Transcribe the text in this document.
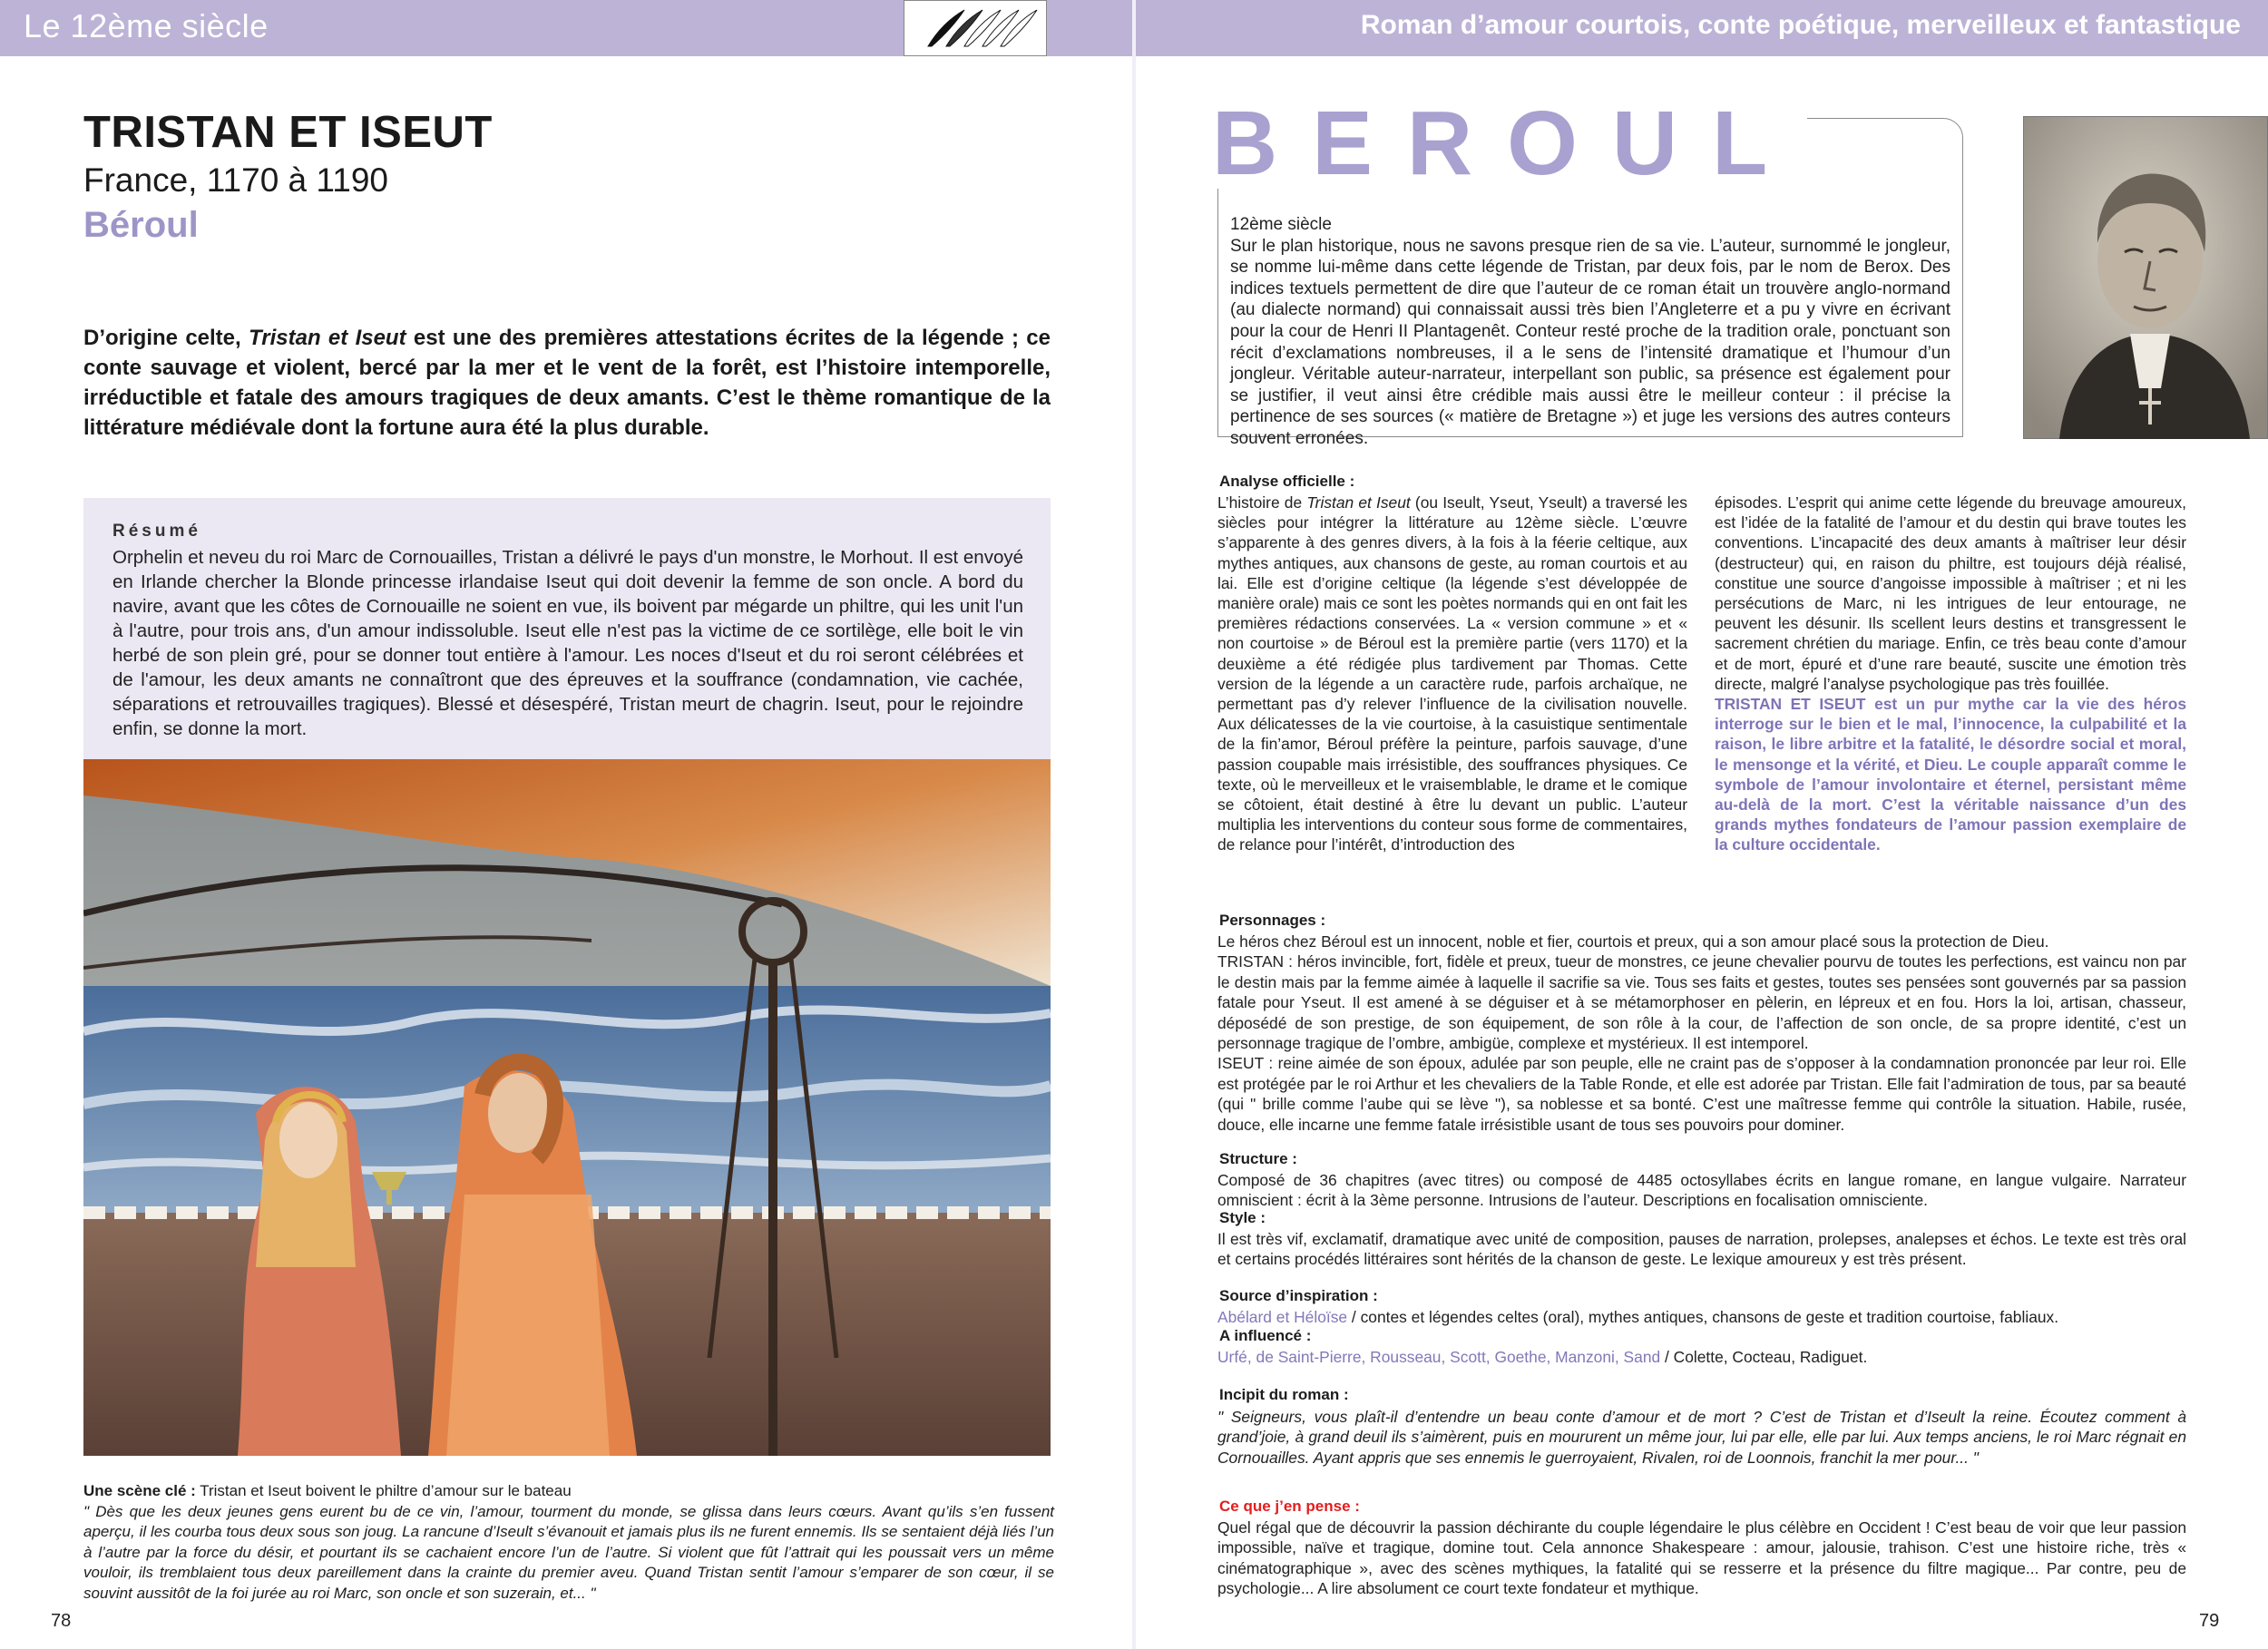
Le 12ème siècle	Roman d’amour courtois, conte poétique, merveilleux et fantastique
TRISTAN ET ISEUT
France, 1170 à 1190
Béroul
D’origine celte, Tristan et Iseut est une des premières attestations écrites de la légende ; ce conte sauvage et violent, bercé par la mer et le vent de la forêt, est l’histoire intemporelle, irréductible et fatale des amours tragiques de deux amants. C’est le thème romantique de la littérature médiévale dont la fortune aura été la plus durable.
Résumé
Orphelin et neveu du roi Marc de Cornouailles, Tristan a délivré le pays d'un monstre, le Morhout. Il est envoyé en Irlande chercher la Blonde princesse irlandaise Iseut qui doit devenir la femme de son oncle. A bord du navire, avant que les côtes de Cornouaille ne soient en vue, ils boivent par mégarde un philtre, qui les unit l'un à l'autre, pour trois ans, d'un amour indissoluble. Iseut elle n'est pas la victime de ce sortilège, elle boit le vin herbé de son plein gré, pour se donner tout entière à l'amour. Les noces d'Iseut et du roi seront célébrées et de l'amour, les deux amants ne connaîtront que des épreuves et la souffrance (condamnation, vie cachée, séparations et retrouvailles tragiques). Blessé et désespéré, Tristan meurt de chagrin. Iseut, pour le rejoindre enfin, se donne la mort.
Une scène clé : Tristan et Iseut boivent le philtre d’amour sur le bateau
" Dès que les deux jeunes gens eurent bu de ce vin, l’amour, tourment du monde, se glissa dans leurs cœurs. Avant qu’ils s’en fussent aperçu, il les courba tous deux sous son joug. La rancune d’Iseult s’évanouit et jamais plus ils ne furent ennemis. Ils se sentaient déjà liés l’un à l’autre par la force du désir, et pourtant ils se cachaient encore l’un de l’autre. Si violent que fût l’attrait qui les poussait vers un même vouloir, ils tremblaient tous deux pareillement dans la crainte du premier aveu. Quand Tristan sentit l’amour s’emparer de son cœur, il se souvint aussitôt de la foi jurée au roi Marc, son oncle et son suzerain, et... "
78
BEROUL
12ème siècle
Sur le plan historique, nous ne savons presque rien de sa vie. L’auteur, surnommé le jongleur, se nomme lui-même dans cette légende de Tristan, par deux fois, par le nom de Berox. Des indices textuels permettent de dire que l’auteur de ce roman était un trouvère anglo-normand (au dialecte normand) qui connaissait aussi très bien l’Angleterre et a pu y vivre en écrivant pour la cour de Henri II Plantagenêt. Conteur resté proche de la tradition orale, ponctuant son récit d’exclamations nombreuses, il a le sens de l’intensité dramatique et l’humour d’un jongleur. Véritable auteur-narrateur, interpellant son public, sa présence est également pour se justifier, il veut ainsi être crédible mais aussi être le meilleur conteur : il précise la pertinence de ses sources (« matière de Bretagne ») et juge les versions des autres conteurs souvent erronées.
Analyse officielle :
L’histoire de Tristan et Iseut (ou Iseult, Yseut, Yseult) a traversé les siècles pour intégrer la littérature au 12ème siècle. L’œuvre s’apparente à des genres divers, à la fois à la féerie celtique, aux mythes antiques, aux chansons de geste, au roman courtois et au lai. Elle est d’origine celtique (la légende s’est développée de manière orale) mais ce sont les poètes normands qui en ont fait les premières rédactions conservées. La « version commune » et « non courtoise » de Béroul est la première partie (vers 1170) et la deuxième a été rédigée plus tardivement par Thomas. Cette version de la légende a un caractère rude, parfois archaïque, ne permettant pas d’y relever l’influence de la civilisation nouvelle. Aux délicatesses de la vie courtoise, à la casuistique sentimentale de la fin’amor, Béroul préfère la peinture, parfois sauvage, d’une passion coupable mais irrésistible, des souffrances physiques. Ce texte, où le merveilleux et le vraisemblable, le drame et le comique se côtoient, était destiné à être lu devant un public. L’auteur multiplia les interventions du conteur sous forme de commentaires, de relance pour l’intérêt, d’introduction des
épisodes. L’esprit qui anime cette légende du breuvage amoureux, est l’idée de la fatalité de l’amour et du destin qui brave toutes les conventions. L’incapacité des deux amants à maîtriser leur désir (destructeur) qui, en raison du philtre, est toujours déjà réalisé, constitue une source d’angoisse impossible à maîtriser ; et ni les persécutions de Marc, ni les intrigues de leur entourage, ne peuvent les désunir. Ils scellent leurs destins et transgressent le sacrement chrétien du mariage. Enfin, ce très beau conte d’amour et de mort, épuré et d’une rare beauté, suscite une émotion très directe, malgré l’analyse psychologique pas très fouillée.
TRISTAN ET ISEUT est un pur mythe car la vie des héros interroge sur le bien et le mal, l’innocence, la culpabilité et la raison, le libre arbitre et la fatalité, le désordre social et moral, le mensonge et la vérité, et Dieu. Le couple apparaît comme le symbole de l’amour involontaire et éternel, persistant même au-delà de la mort. C’est la véritable naissance d’un des grands mythes fondateurs de l’amour passion exemplaire de la culture occidentale.
Personnages :
Le héros chez Béroul est un innocent, noble et fier, courtois et preux, qui a son amour placé sous la protection de Dieu.
TRISTAN : héros invincible, fort, fidèle et preux, tueur de monstres, ce jeune chevalier pourvu de toutes les perfections, est vaincu non par le destin mais par la femme aimée à laquelle il sacrifie sa vie. Tous ses faits et gestes, toutes ses pensées sont gouvernés par sa passion fatale pour Yseut. Il est amené à se déguiser et à se métamorphoser en pèlerin, en lépreux et en fou. Hors la loi, artisan, chasseur, déposédé de son prestige, de son équipement, de son rôle à la cour, de l’affection de son oncle, de sa propre identité, c’est un personnage tragique de l’ombre, ambigüe, complexe et mystérieux. Il est intemporel.
ISEUT : reine aimée de son époux, adulée par son peuple, elle ne craint pas de s’opposer à la condamnation prononcée par leur roi. Elle est protégée par le roi Arthur et les chevaliers de la Table Ronde, et elle est adorée par Tristan. Elle fait l’admiration de tous, par sa beauté (qui " brille comme l’aube qui se lève "), sa noblesse et sa bonté. C’est une maîtresse femme qui contrôle la situation. Habile, rusée, douce, elle incarne une femme fatale irrésistible usant de tous ses pouvoirs pour dominer.
Structure :
Composé de 36 chapitres (avec titres) ou composé de 4485 octosyllabes écrits en langue romane, en langue vulgaire. Narrateur omniscient : écrit à la 3ème personne. Intrusions de l’auteur. Descriptions en focalisation omnisciente.
Style :
Il est très vif, exclamatif, dramatique avec unité de composition, pauses de narration, prolepses, analepses et échos. Le texte est très oral et certains procédés littéraires sont hérités de la chanson de geste. Le lexique amoureux y est très présent.
Source d’inspiration :
Abélard et Héloïse / contes et légendes celtes (oral), mythes antiques, chansons de geste et tradition courtoise, fabliaux.
A influencé :
Urfé, de Saint-Pierre, Rousseau, Scott, Goethe, Manzoni, Sand / Colette, Cocteau, Radiguet.
Incipit du roman :
" Seigneurs, vous plaît-il d’entendre un beau conte d’amour et de mort ? C’est de Tristan et d’Iseult la reine. Écoutez comment à grand’joie, à grand deuil ils s’aimèrent, puis en moururent un même jour, lui par elle, elle par lui. Aux temps anciens, le roi Marc régnait en Cornouailles. Ayant appris que ses ennemis le guerroyaient, Rivalen, roi de Loonnois, franchit la mer pour... "
Ce que j’en pense :
Quel régal que de découvrir la passion déchirante du couple légendaire le plus célèbre en Occident ! C’est beau de voir que leur passion impossible, naïve et tragique, domine tout. Cela annonce Shakespeare : amour, jalousie, trahison. C’est une histoire riche, très « cinématographique », avec des scènes mythiques, la fatalité qui se resserre et la présence du filtre magique... Par contre, peu de psychologie... A lire absolument ce court texte fondateur et mythique.
79
